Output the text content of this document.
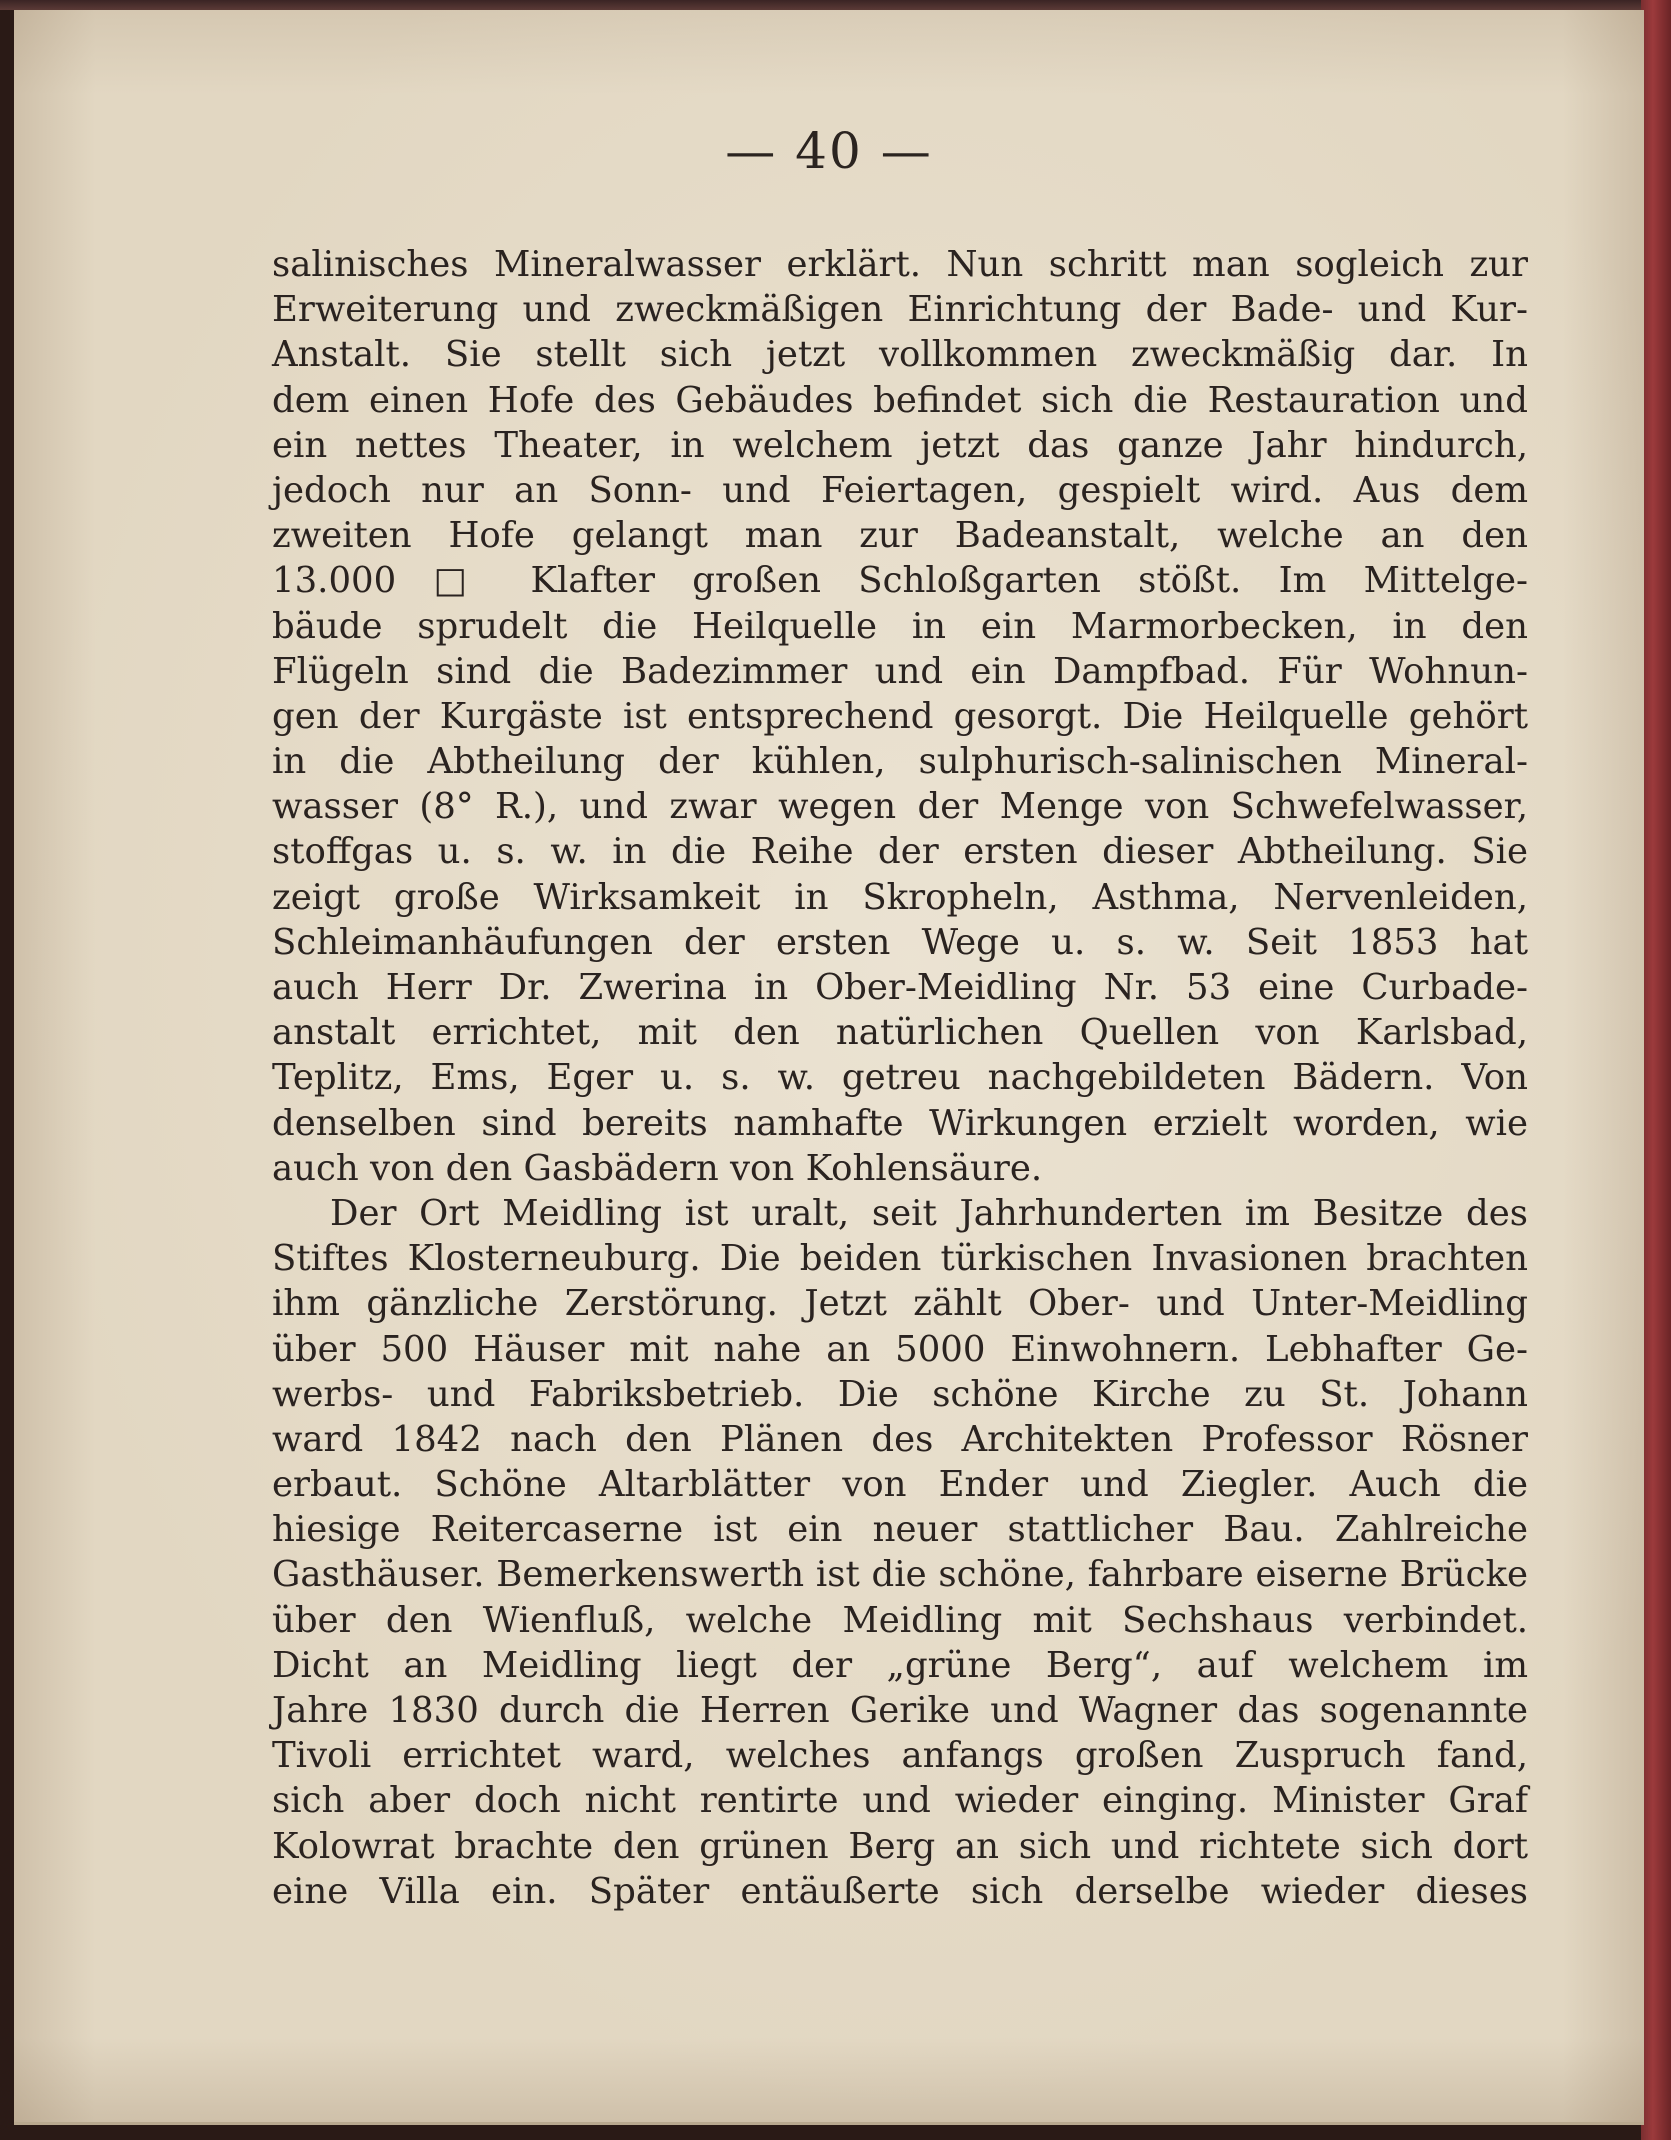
— 40 —
salinisches Mineralwasser erklärt. Nun schritt man sogleich zur
Erweiterung und zweckmäßigen Einrichtung der Bade- und Kur-
Anstalt. Sie stellt sich jetzt vollkommen zweckmäßig dar. In
dem einen Hofe des Gebäudes befindet sich die Restauration und
ein nettes Theater, in welchem jetzt das ganze Jahr hindurch,
jedoch nur an Sonn- und Feiertagen, gespielt wird. Aus dem
zweiten Hofe gelangt man zur Badeanstalt, welche an den
13.000 □ Klafter großen Schloßgarten stößt. Im Mittelge-
bäude sprudelt die Heilquelle in ein Marmorbecken, in den
Flügeln sind die Badezimmer und ein Dampfbad. Für Wohnun-
gen der Kurgäste ist entsprechend gesorgt. Die Heilquelle gehört
in die Abtheilung der kühlen, sulphurisch-salinischen Mineral-
wasser (8° R.), und zwar wegen der Menge von Schwefelwasser,
stoffgas u. s. w. in die Reihe der ersten dieser Abtheilung. Sie
zeigt große Wirksamkeit in Skropheln, Asthma, Nervenleiden,
Schleimanhäufungen der ersten Wege u. s. w. Seit 1853 hat
auch Herr Dr. Zwerina in Ober-Meidling Nr. 53 eine Curbade-
anstalt errichtet, mit den natürlichen Quellen von Karlsbad,
Teplitz, Ems, Eger u. s. w. getreu nachgebildeten Bädern. Von
denselben sind bereits namhafte Wirkungen erzielt worden, wie
auch von den Gasbädern von Kohlensäure.
Der Ort Meidling ist uralt, seit Jahrhunderten im Besitze des
Stiftes Klosterneuburg. Die beiden türkischen Invasionen brachten
ihm gänzliche Zerstörung. Jetzt zählt Ober- und Unter-Meidling
über 500 Häuser mit nahe an 5000 Einwohnern. Lebhafter Ge-
werbs- und Fabriksbetrieb. Die schöne Kirche zu St. Johann
ward 1842 nach den Plänen des Architekten Professor Rösner
erbaut. Schöne Altarblätter von Ender und Ziegler. Auch die
hiesige Reitercaserne ist ein neuer stattlicher Bau. Zahlreiche
Gasthäuser. Bemerkenswerth ist die schöne, fahrbare eiserne Brücke
über den Wienfluß, welche Meidling mit Sechshaus verbindet.
Dicht an Meidling liegt der „grüne Berg“, auf welchem im
Jahre 1830 durch die Herren Gerike und Wagner das sogenannte
Tivoli errichtet ward, welches anfangs großen Zuspruch fand,
sich aber doch nicht rentirte und wieder einging. Minister Graf
Kolowrat brachte den grünen Berg an sich und richtete sich dort
eine Villa ein. Später entäußerte sich derselbe wieder dieses
